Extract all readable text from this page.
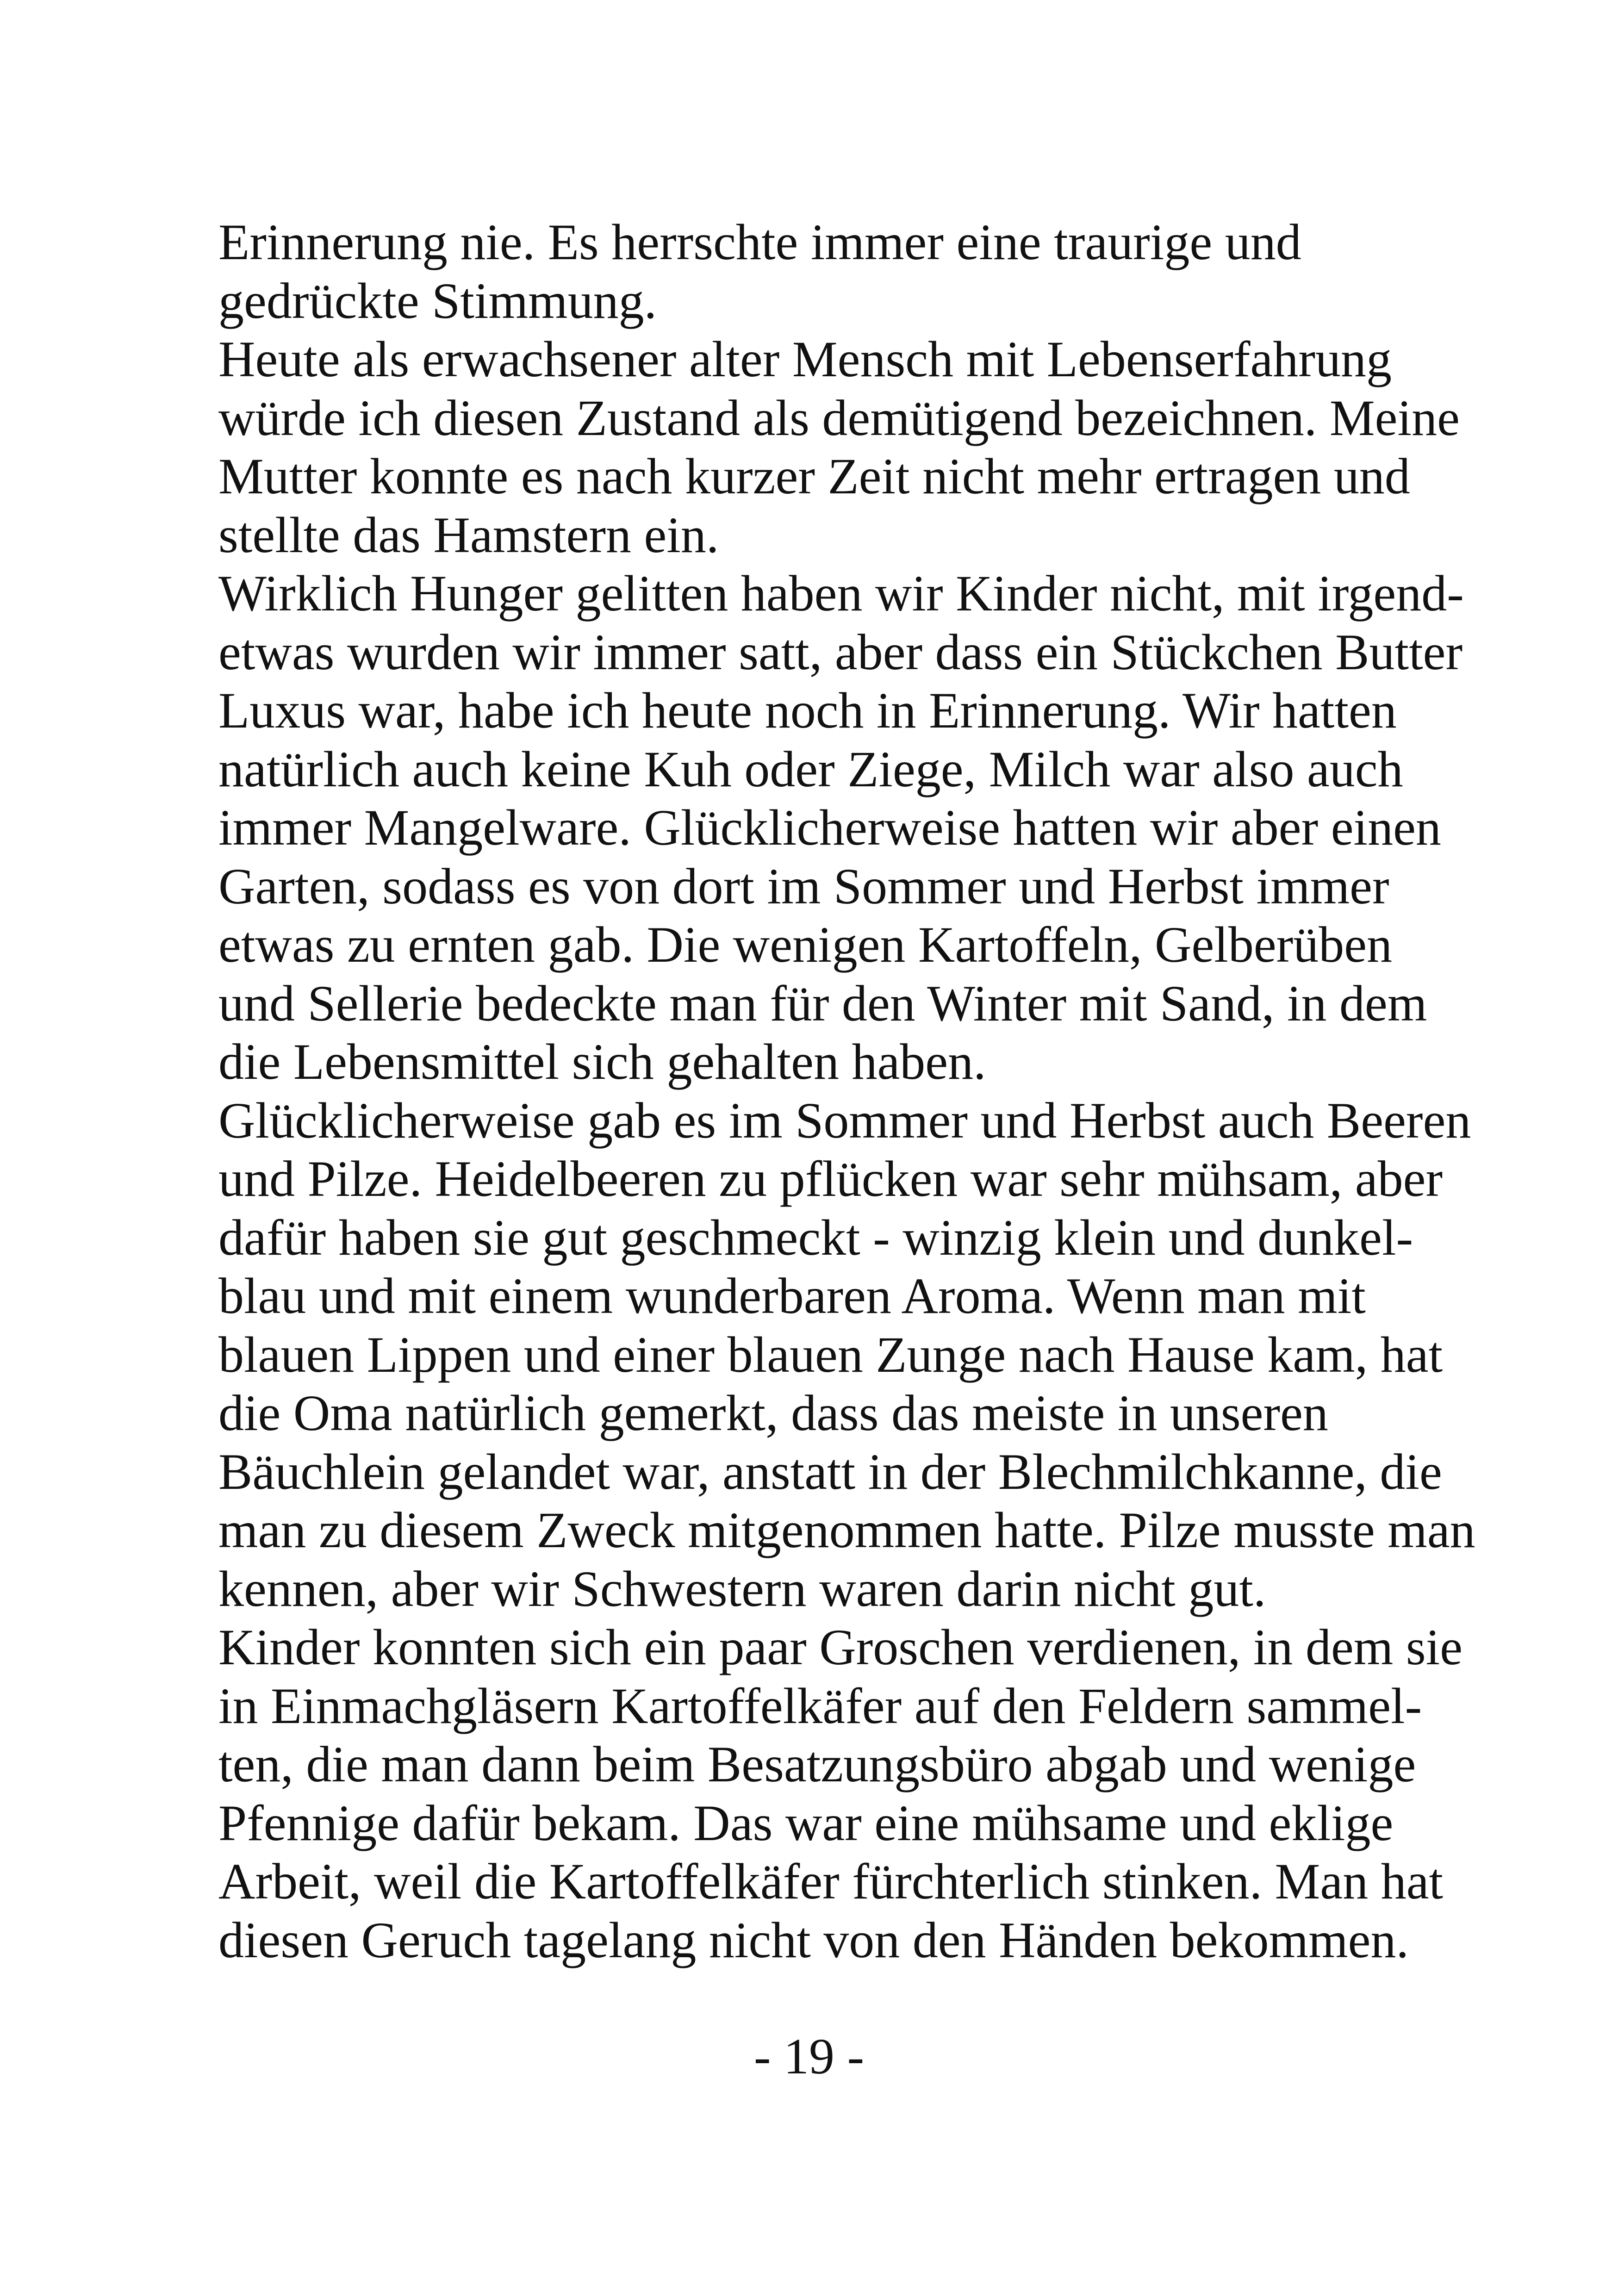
Erinnerung nie. Es herrschte immer eine traurige und
gedrückte Stimmung.
Heute als erwachsener alter Mensch mit Lebenserfahrung
würde ich diesen Zustand als demütigend bezeichnen. Meine
Mutter konnte es nach kurzer Zeit nicht mehr ertragen und
stellte das Hamstern ein.
Wirklich Hunger gelitten haben wir Kinder nicht, mit irgend-
etwas wurden wir immer satt, aber dass ein Stückchen Butter
Luxus war, habe ich heute noch in Erinnerung. Wir hatten
natürlich auch keine Kuh oder Ziege, Milch war also auch
immer Mangelware. Glücklicherweise hatten wir aber einen
Garten, sodass es von dort im Sommer und Herbst immer
etwas zu ernten gab. Die wenigen Kartoffeln, Gelberüben
und Sellerie bedeckte man für den Winter mit Sand, in dem
die Lebensmittel sich gehalten haben.
Glücklicherweise gab es im Sommer und Herbst auch Beeren
und Pilze. Heidelbeeren zu pflücken war sehr mühsam, aber
dafür haben sie gut geschmeckt - winzig klein und dunkel-
blau und mit einem wunderbaren Aroma. Wenn man mit
blauen Lippen und einer blauen Zunge nach Hause kam, hat
die Oma natürlich gemerkt, dass das meiste in unseren
Bäuchlein gelandet war, anstatt in der Blechmilchkanne, die
man zu diesem Zweck mitgenommen hatte. Pilze musste man
kennen, aber wir Schwestern waren darin nicht gut.
Kinder konnten sich ein paar Groschen verdienen, in dem sie
in Einmachgläsern Kartoffelkäfer auf den Feldern sammel-
ten, die man dann beim Besatzungsbüro abgab und wenige
Pfennige dafür bekam. Das war eine mühsame und eklige
Arbeit, weil die Kartoffelkäfer fürchterlich stinken. Man hat
diesen Geruch tagelang nicht von den Händen bekommen.
- 19 -
